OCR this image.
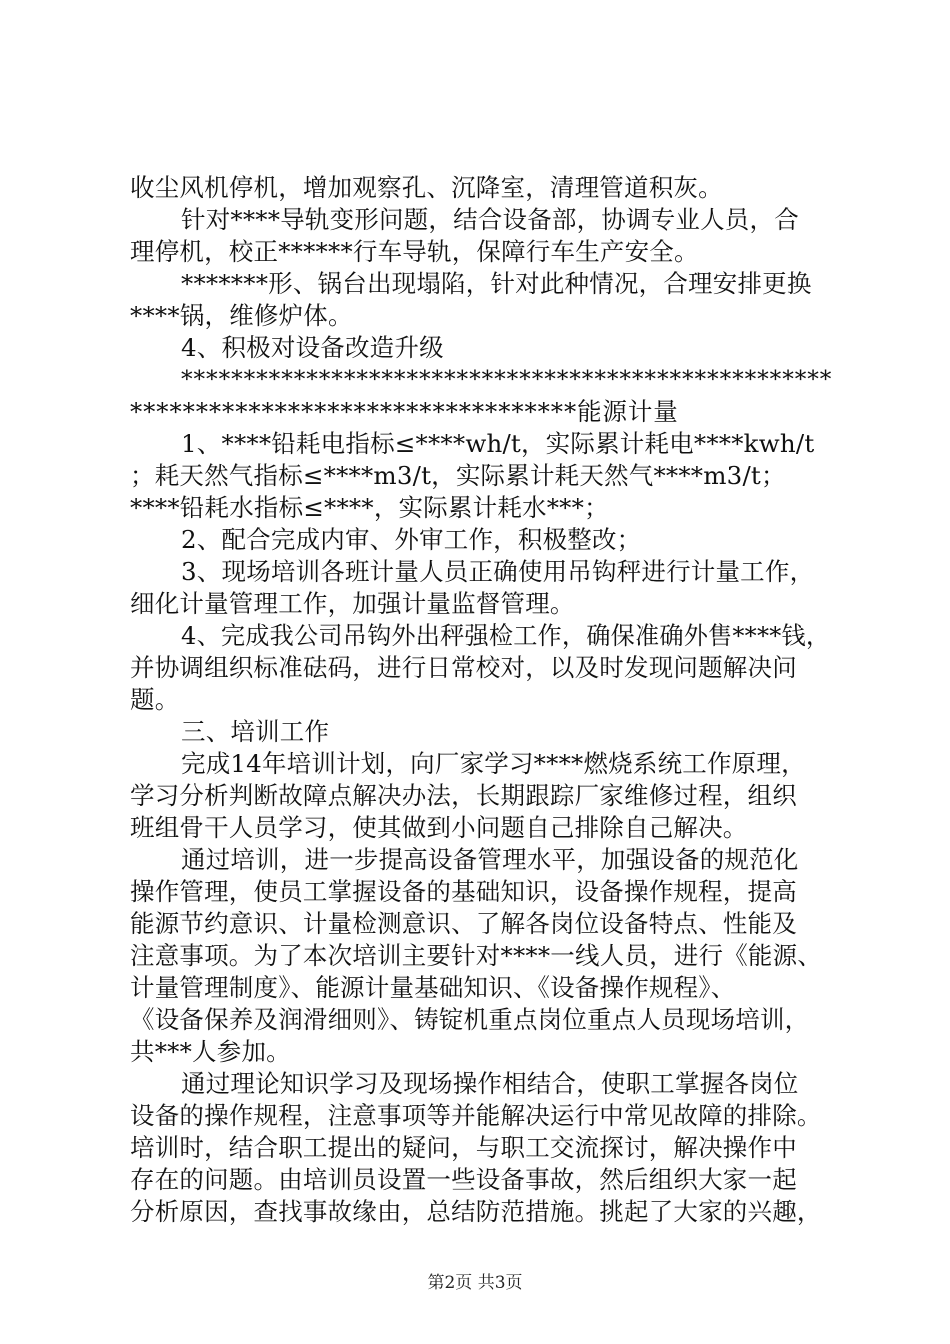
收尘风机停机，增加观察孔、沉降室，清理管道积灰。
针对****导轨变形问题，结合设备部，协调专业人员，合
理停机，校正******行车导轨，保障行车生产安全。
*******形、锅台出现塌陷，针对此种情况，合理安排更换
****锅，维修炉体。
4、积极对设备改造升级
****************************************************
**********************************能源计量
1、****铅耗电指标≤****wh/t，实际累计耗电****kwh/t
；耗天然气指标≤****m3/t，实际累计耗天然气****m3/t；
****铅耗水指标≤****，实际累计耗水***；
2、配合完成内审、外审工作，积极整改；
3、现场培训各班计量人员正确使用吊钩秤进行计量工作，
细化计量管理工作，加强计量监督管理。
4、完成我公司吊钩外出秤强检工作，确保准确外售****钱，
并协调组织标准砝码，进行日常校对，以及时发现问题解决问
题。
三、培训工作
完成14年培训计划，向厂家学习****燃烧系统工作原理，
学习分析判断故障点解决办法，长期跟踪厂家维修过程，组织
班组骨干人员学习，使其做到小问题自己排除自己解决。
通过培训，进一步提高设备管理水平，加强设备的规范化
操作管理，使员工掌握设备的基础知识，设备操作规程，提高
能源节约意识、计量检测意识、了解各岗位设备特点、性能及
注意事项。为了本次培训主要针对****一线人员，进行《能源、
计量管理制度》、能源计量基础知识、《设备操作规程》、
《设备保养及润滑细则》、铸锭机重点岗位重点人员现场培训，
共***人参加。
通过理论知识学习及现场操作相结合，使职工掌握各岗位
设备的操作规程，注意事项等并能解决运行中常见故障的排除。
培训时，结合职工提出的疑问，与职工交流探讨，解决操作中
存在的问题。由培训员设置一些设备事故，然后组织大家一起
分析原因，查找事故缘由，总结防范措施。挑起了大家的兴趣，
第2页 共3页
